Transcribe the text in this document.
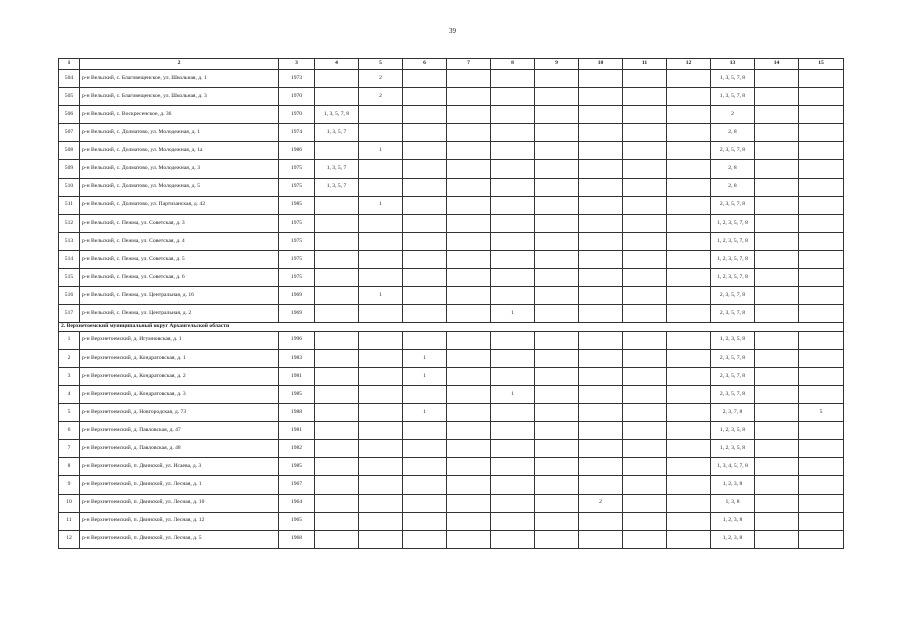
39
1	2	3	4	5	6	7	8	9	10	11	12	13	14	15
504	р-н Вельский, с. Благовещенское, ул. Школьная, д. 1	1973		2								1, 3, 5, 7, 8		
505	р-н Вельский, с. Благовещенское, ул. Школьная, д. 3	1970		2								1, 3, 5, 7, 8		
506	р-н Вельский, с. Воскресенское, д. 36	1970	1, 3, 5, 7, 8									2		
507	р-н Вельский, с. Долматово, ул. Молодежная, д. 1	1974	1, 3, 5, 7									2, 8		
508	р-н Вельский, с. Долматово, ул. Молодежная, д. 1а	1986		1								2, 3, 5, 7, 8		
509	р-н Вельский, с. Долматово, ул. Молодежная, д. 3	1975	1, 3, 5, 7									2, 8		
510	р-н Вельский, с. Долматово, ул. Молодежная, д. 5	1975	1, 3, 5, 7									2, 8		
511	р-н Вельский, с. Долматово, ул. Партизанская, д. 42	1985		1								2, 3, 5, 7, 8		
512	р-н Вельский, с. Пежма, ул. Советская, д. 3	1975										1, 2, 3, 5, 7, 8		
513	р-н Вельский, с. Пежма, ул. Советская, д. 4	1975										1, 2, 3, 5, 7, 8		
514	р-н Вельский, с. Пежма, ул. Советская, д. 5	1975										1, 2, 3, 5, 7, 8		
515	р-н Вельский, с. Пежма, ул. Советская, д. 6	1975										1, 2, 3, 5, 7, 8		
516	р-н Вельский, с. Пежма, ул. Центральная, д. 16	1969		1								2, 3, 5, 7, 8		
517	р-н Вельский, с. Пежма, ул. Центральная, д. 2	1969					1					2, 3, 5, 7, 8		
2. Верхнетоемский муниципальный округ Архангельской области														
1	р-н Верхнетоемский, д. Игумновская, д. 1	1996										1, 2, 3, 5, 8		
2	р-н Верхнетоемский, д. Кондратовская, д. 1	1983			1							2, 3, 5, 7, 8		
3	р-н Верхнетоемский, д. Кондратовская, д. 2	1981			1							2, 3, 5, 7, 8		
4	р-н Верхнетоемский, д. Кондратовская, д. 3	1985					1					2, 3, 5, 7, 8		
5	р-н Верхнетоемский, д. Новгородская, д. 73	1988			1							2, 3, 7, 8		5
6	р-н Верхнетоемский, д. Павловская, д. 47	1981										1, 2, 3, 5, 8		
7	р-н Верхнетоемский, д. Павловская, д. 48	1982										1, 2, 3, 5, 8		
8	р-н Верхнетоемский, п. Двинской, ул. Исаева, д. 3	1985										1, 3, 4, 5, 7, 8		
9	р-н Верхнетоемский, п. Двинской, ул. Лесная, д. 1	1967										1, 2, 3, 8		
10	р-н Верхнетоемский, п. Двинской, ул. Лесная, д. 10	1964							2			1, 3, 8		
11	р-н Верхнетоемский, п. Двинской, ул. Лесная, д. 12	1965										1, 2, 3, 8		
12	р-н Верхнетоемский, п. Двинской, ул. Лесная, д. 5	1968										1, 2, 3, 8		
